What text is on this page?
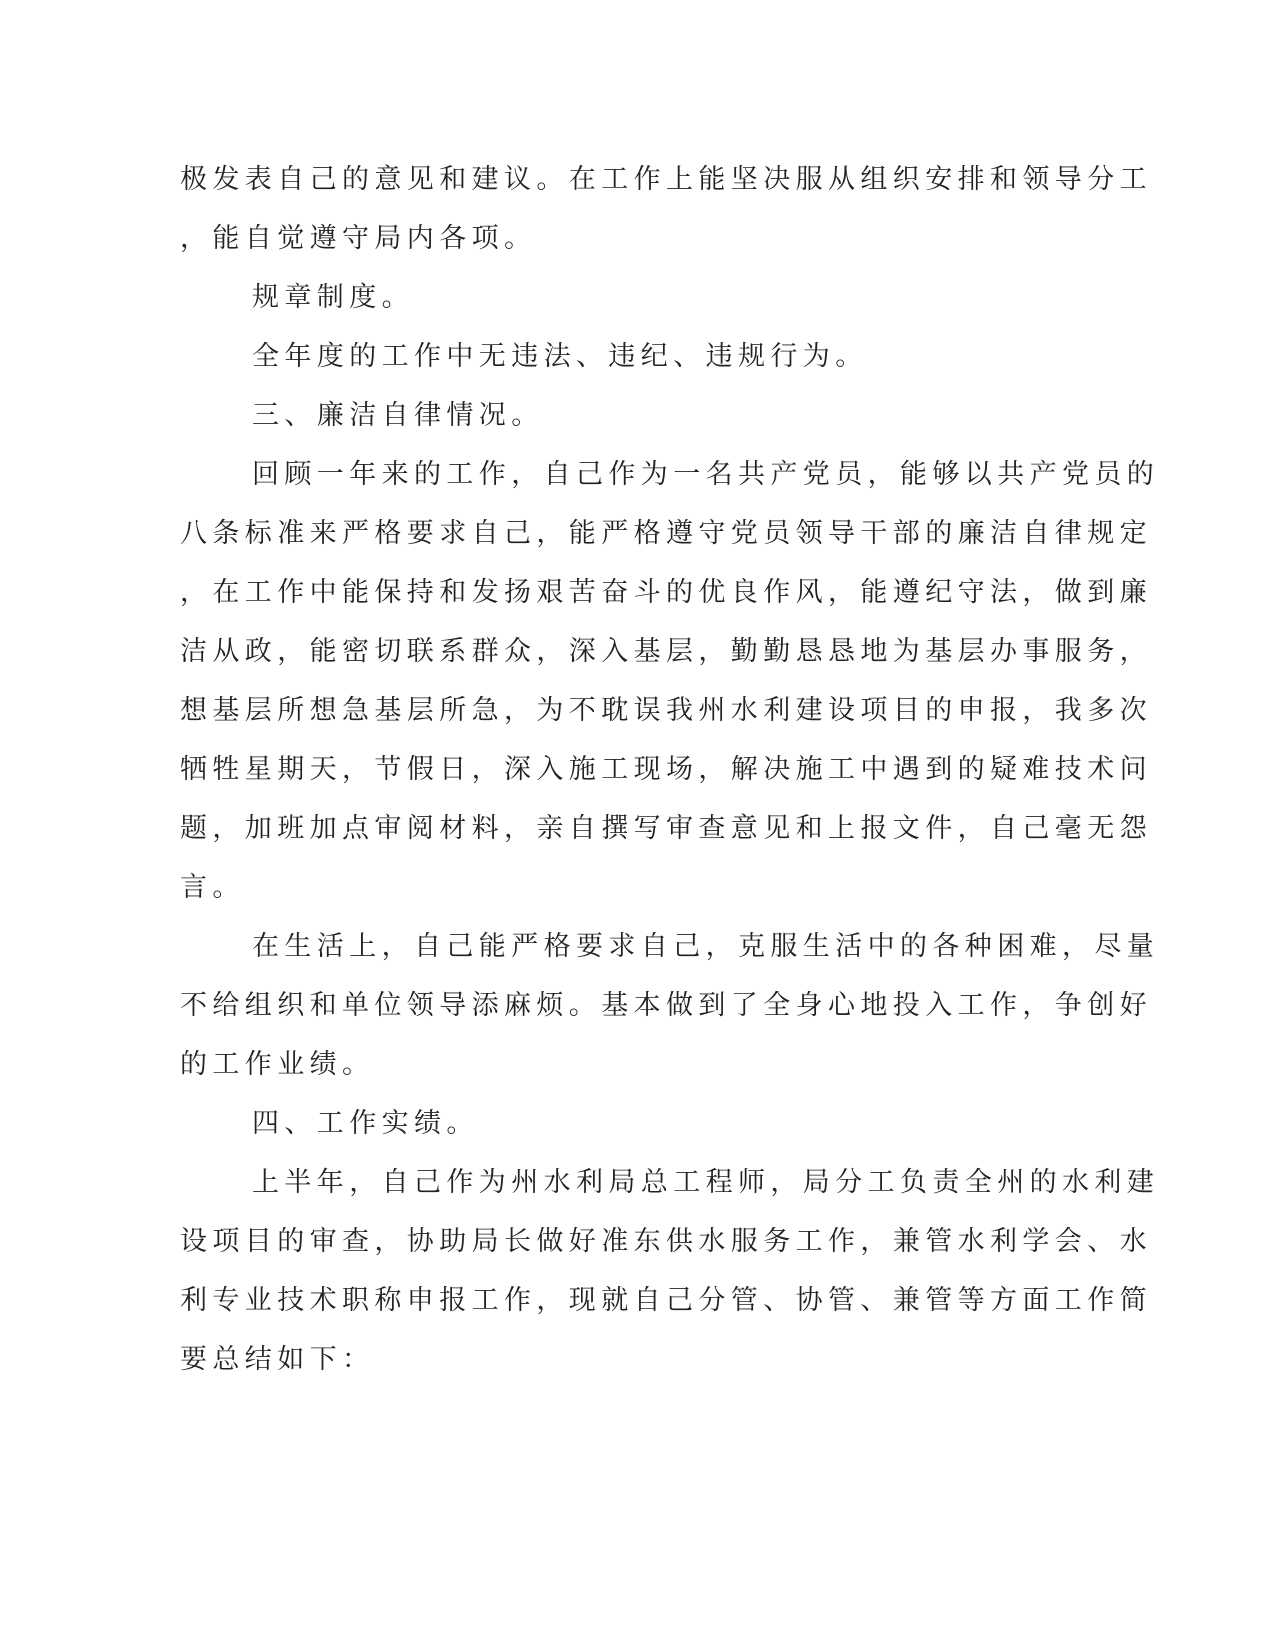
极发表自己的意见和建议。在工作上能坚决服从组织安排和领导分工
，能自觉遵守局内各项。
规章制度。
全年度的工作中无违法、违纪、违规行为。
三、廉洁自律情况。
回顾一年来的工作，自己作为一名共产党员，能够以共产党员的
八条标准来严格要求自己，能严格遵守党员领导干部的廉洁自律规定
，在工作中能保持和发扬艰苦奋斗的优良作风，能遵纪守法，做到廉
洁从政，能密切联系群众，深入基层，勤勤恳恳地为基层办事服务，
想基层所想急基层所急，为不耽误我州水利建设项目的申报，我多次
牺牲星期天，节假日，深入施工现场，解决施工中遇到的疑难技术问
题，加班加点审阅材料，亲自撰写审查意见和上报文件，自己毫无怨
言。
在生活上，自己能严格要求自己，克服生活中的各种困难，尽量
不给组织和单位领导添麻烦。基本做到了全身心地投入工作，争创好
的工作业绩。
四、工作实绩。
上半年，自己作为州水利局总工程师，局分工负责全州的水利建
设项目的审查，协助局长做好准东供水服务工作，兼管水利学会、水
利专业技术职称申报工作，现就自己分管、协管、兼管等方面工作简
要总结如下：
